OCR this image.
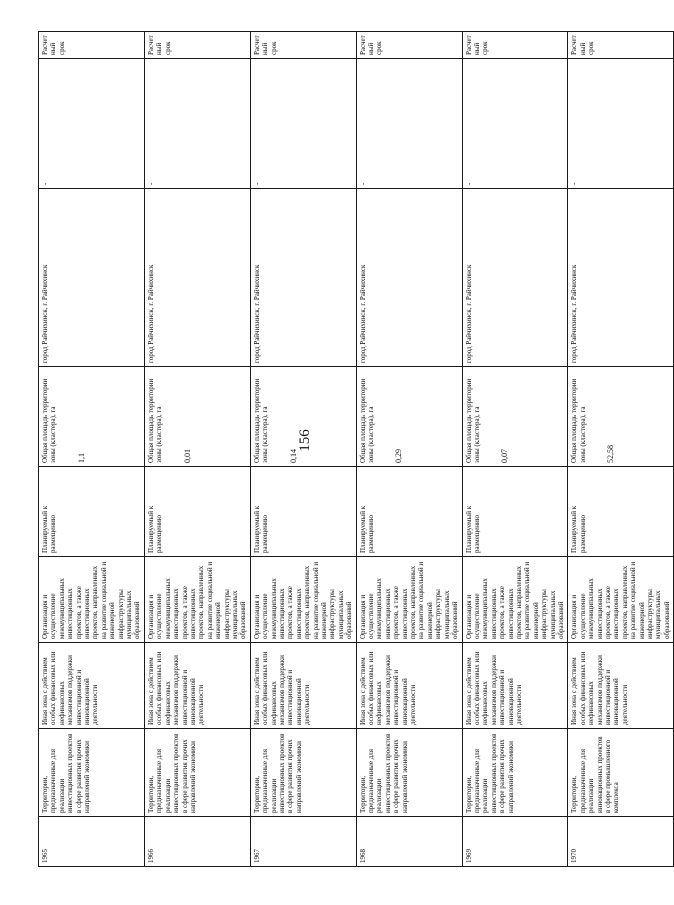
156
1965	Территории, предназначенные для реализации инвестиционных проектов в сфере развития прочих направлений экономики	Иная зона с действием особых финансовых или нефинансовых механизмов поддержки инвестиционной и инновационной деятельности	Организация и осуществление межмуниципальных инвестиционных проектов, а также инвестиционных проектов, направленных на развитие социальной и инженерной инфраструктуры муниципальных образований	Планируемый к размещению	Общая площадь территории зоны (кластера), га 1,1	город Райчихинск, г. Райчихинск	-	Расчетный срок
1966	Территории, предназначенные для реализации инвестиционных проектов в сфере развития прочих направлений экономики	Иная зона с действием особых финансовых или нефинансовых механизмов поддержки инвестиционной и инновационной деятельности	Организация и осуществление межмуниципальных инвестиционных проектов, а также инвестиционных проектов, направленных на развитие социальной и инженерной инфраструктуры муниципальных образований	Планируемый к размещению	Общая площадь территории зоны (кластера), га 0,01	город Райчихинск, г. Райчихинск	-	Расчетный срок
1967	Территории, предназначенные для реализации инвестиционных проектов в сфере развития прочих направлений экономики	Иная зона с действием особых финансовых или нефинансовых механизмов поддержки инвестиционной и инновационной деятельности	Организация и осуществление межмуниципальных инвестиционных проектов, а также инвестиционных проектов, направленных на развитие социальной и инженерной инфраструктуры муниципальных образований	Планируемый к размещению	Общая площадь территории зоны (кластера), га 0,14	город Райчихинск, г. Райчихинск	-	Расчетный срок
1968	Территории, предназначенные для реализации инвестиционных проектов в сфере развития прочих направлений экономики	Иная зона с действием особых финансовых или нефинансовых механизмов поддержки инвестиционной и инновационной деятельности	Организация и осуществление межмуниципальных инвестиционных проектов, а также инвестиционных проектов, направленных на развитие социальной и инженерной инфраструктуры муниципальных образований	Планируемый к размещению	Общая площадь территории зоны (кластера), га 0,29	город Райчихинск, г. Райчихинск	-	Расчетный срок
1969	Территории, предназначенные для реализации инвестиционных проектов в сфере развития прочих направлений экономики	Иная зона с действием особых финансовых или нефинансовых механизмов поддержки инвестиционной и инновационной деятельности	Организация и осуществление межмуниципальных инвестиционных проектов, а также инвестиционных проектов, направленных на развитие социальной и инженерной инфраструктуры муниципальных образований	Планируемый к размещению	Общая площадь территории зоны (кластера), га 0,07	город Райчихинск, г. Райчихинск	-	Расчетный срок
1970	Территории, предназначенные для реализации инновационных проектов в сфере промышленного комплекса	Иная зона с действием особых финансовых или нефинансовых механизмов поддержки инвестиционной и инновационной деятельности	Организация и осуществление межмуниципальных инвестиционных проектов, а также инвестиционных проектов, направленных на развитие социальной и инженерной инфраструктуры муниципальных образований	Планируемый к размещению	Общая площадь территории зоны (кластера), га 52,58	город Райчихинск, г. Райчихинск	-	Расчетный срок
